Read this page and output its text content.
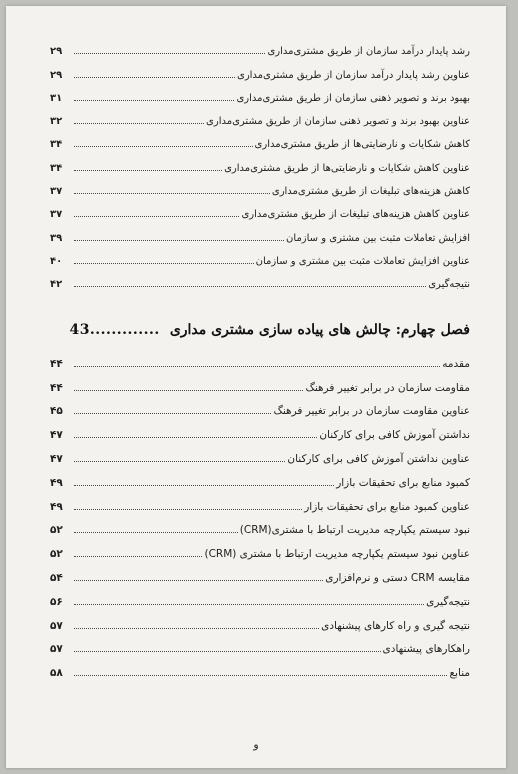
رشد پایدار درآمد سازمان از طریق مشتری‌مداری
۲۹
عناوین رشد پایدار درآمد سازمان از طریق مشتری‌مداری
۲۹
بهبود برند و تصویر ذهنی سازمان از طریق مشتری‌مداری
۳۱
عناوین بهبود برند و تصویر ذهنی سازمان از طریق مشتری‌مداری
۳۲
کاهش شکایات و نارضایتی‌ها از طریق مشتری‌مداری
۳۴
عناوین کاهش شکایات و نارضایتی‌ها از طریق مشتری‌مداری
۳۴
کاهش هزینه‌های تبلیغات از طریق مشتری‌مداری
۳۷
عناوین کاهش هزینه‌های تبلیغات از طریق مشتری‌مداری
۳۷
افزایش تعاملات مثبت بین مشتری و سازمان
۳۹
عناوین افزایش تعاملات مثبت بین مشتری و سازمان
۴۰
نتیجه‌گیری
۴۲
فصل چهارم: چالش های پیاده سازی مشتری مداری
43.............
مقدمه
۴۴
مقاومت سازمان در برابر تغییر فرهنگ
۴۴
عناوین مقاومت سازمان در برابر تغییر فرهنگ
۴۵
نداشتن آموزش کافی برای کارکنان
۴۷
عناوین نداشتن آموزش کافی برای کارکنان
۴۷
کمبود منابع برای تحقیقات بازار
۴۹
عناوین کمبود منابع برای تحقیقات بازار
۴۹
نبود سیستم یکپارچه مدیریت ارتباط با مشتری(CRM)
۵۲
عناوین نبود سیستم یکپارچه مدیریت ارتباط با مشتری (CRM)
۵۲
مقایسه CRM دستی و نرم‌افزاری
۵۴
نتیجه‌گیری
۵۶
نتیجه گیری و راه کارهای پیشنهادی
۵۷
راهکارهای پیشنهادی
۵۷
منابع
۵۸
و
